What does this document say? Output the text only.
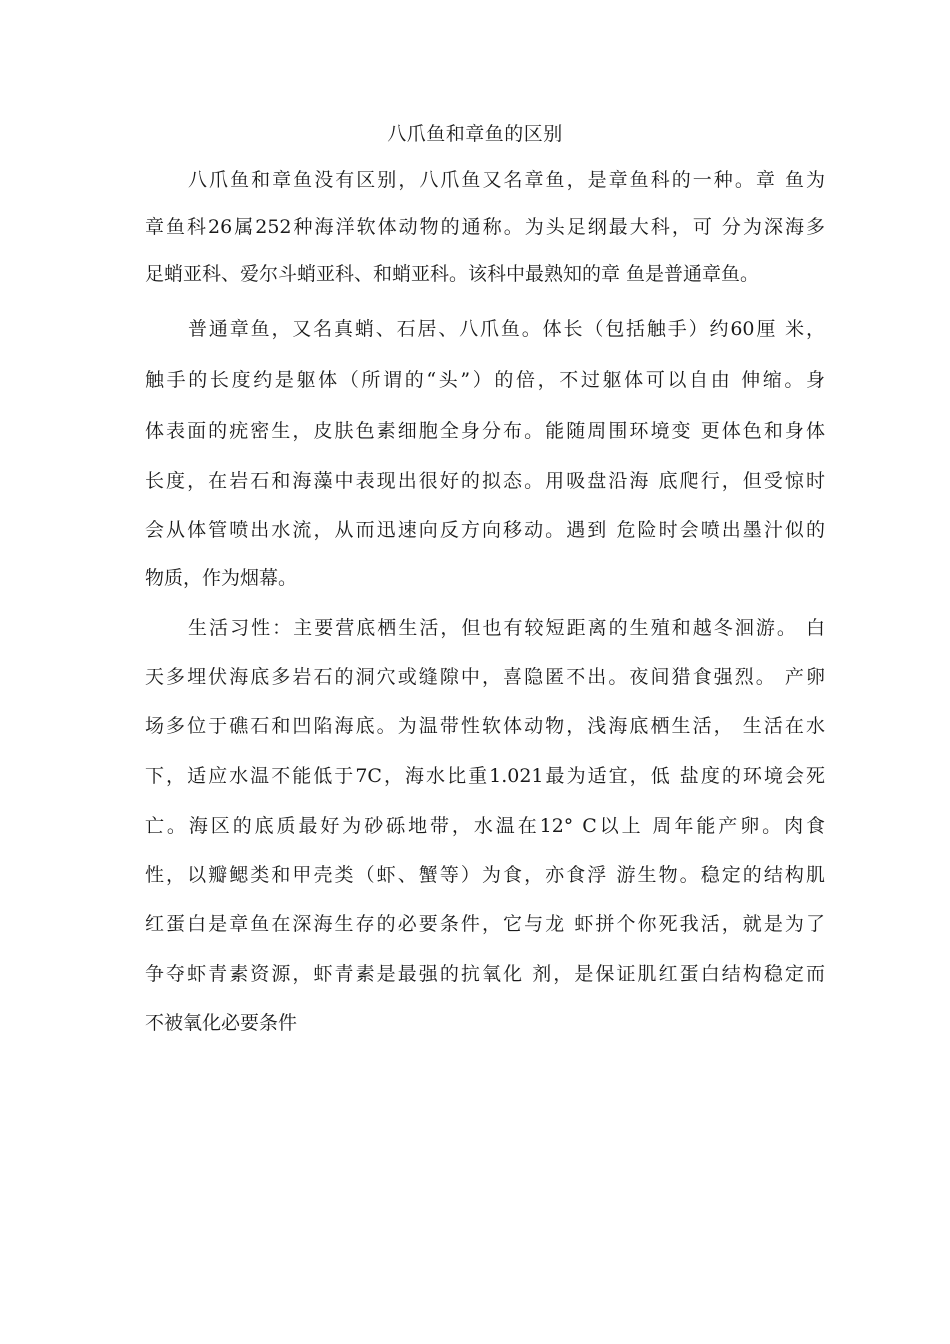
八爪鱼和章鱼的区别
八爪鱼和章鱼没有区别，八爪鱼又名章鱼，是章鱼科的一种。章 鱼为
章鱼科26属252种海洋软体动物的通称。为头足纲最大科，可 分为深海多
足蛸亚科、爱尔斗蛸亚科、和蛸亚科。该科中最熟知的章 鱼是普通章鱼。
普通章鱼，又名真蛸、石居、八爪鱼。体长（包括触手）约60厘 米，
触手的长度约是躯体（所谓的“头”）的倍，不过躯体可以自由 伸缩。身
体表面的疣密生，皮肤色素细胞全身分布。能随周围环境变 更体色和身体
长度，在岩石和海藻中表现出很好的拟态。用吸盘沿海 底爬行，但受惊时
会从体管喷出水流，从而迅速向反方向移动。遇到 危险时会喷出墨汁似的
物质，作为烟幕。
生活习性：主要营底栖生活，但也有较短距离的生殖和越冬洄游。 白
天多埋伏海底多岩石的洞穴或缝隙中，喜隐匿不出。夜间猎食强烈。 产卵
场多位于礁石和凹陷海底。为温带性软体动物，浅海底栖生活， 生活在水
下，适应水温不能低于7C，海水比重1.021最为适宜，低 盐度的环境会死
亡。海区的底质最好为砂砾地带，水温在12° C以上 周年能产卵。肉食
性，以瓣鳃类和甲壳类（虾、蟹等）为食，亦食浮 游生物。稳定的结构肌
红蛋白是章鱼在深海生存的必要条件，它与龙 虾拼个你死我活，就是为了
争夺虾青素资源，虾青素是最强的抗氧化 剂，是保证肌红蛋白结构稳定而
不被氧化必要条件
